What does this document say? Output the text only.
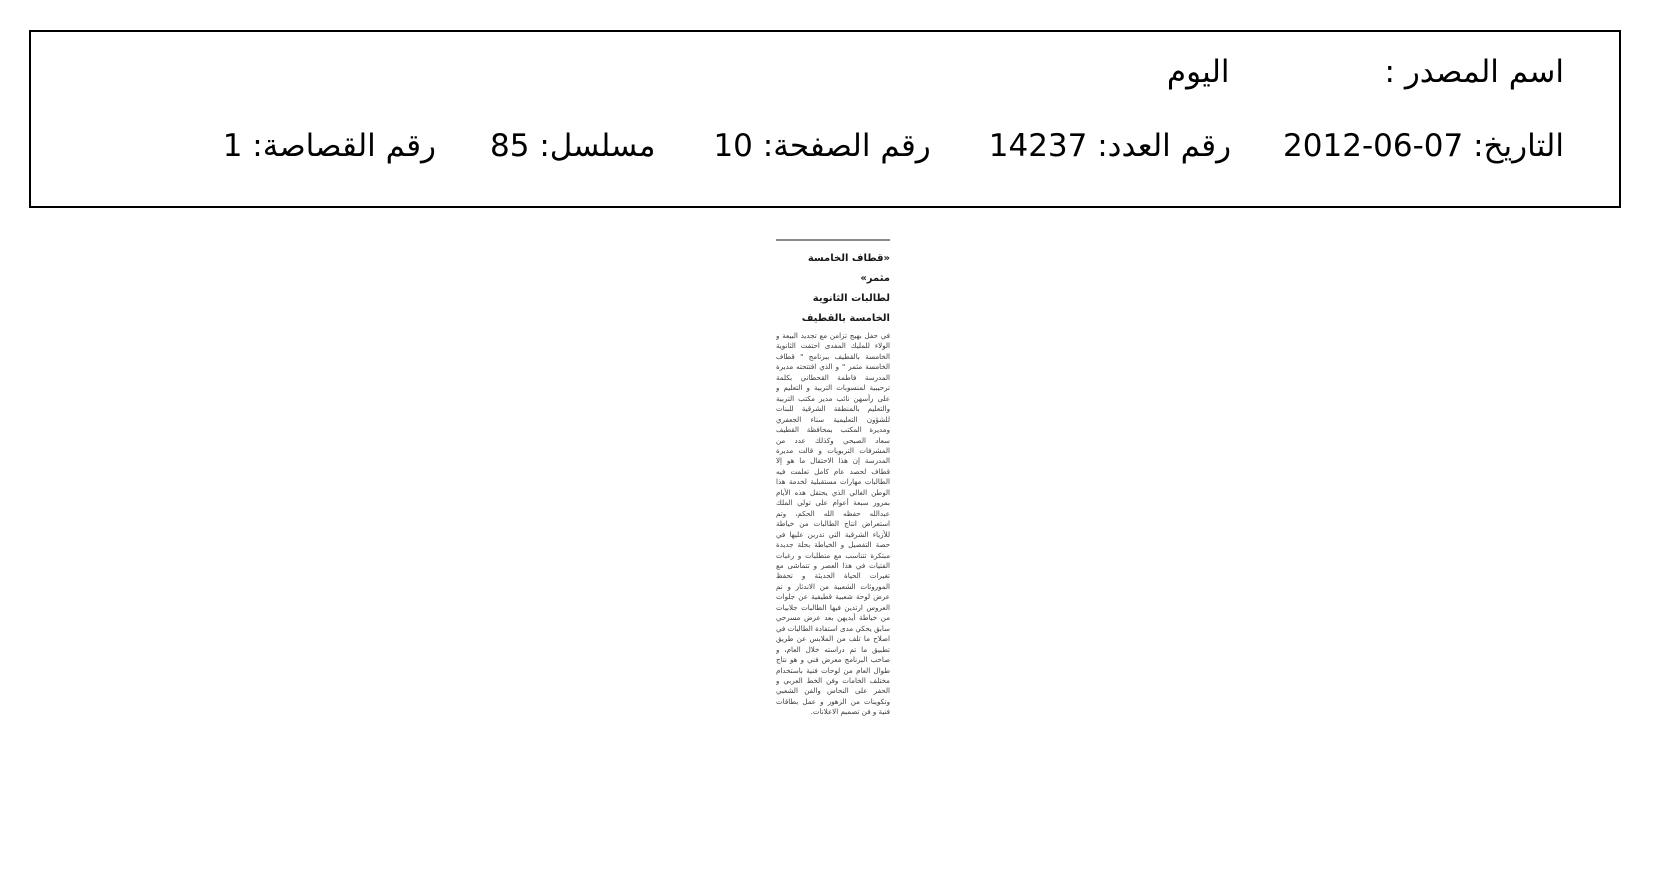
اسم المصدر :
اليوم
التاريخ:

2012-06-07
رقم العدد:

14237
رقم الصفحة:

10
مسلسل:

85
رقم القصاصة:

1
«قطاف الخامسة مثمر»
لطالبات الثانوية
الخامسة بالقطيف
في حفل بهيج تزامن مع تجديد البيعة و الولاء للمليك المفدى احتفت الثانوية الخامسة بالقطيف ببرنامج " قطاف الخامسة مثمر " و الذي افتتحته مديرة المدرسة فاطمة القحطاني بكلمة ترحيبية لمنسوبات التربية و التعليم و على رأسهن نائب مدير مكتب التربية والتعليم بالمنطقة الشرقية للبنات للشؤون التعليمية سناء الجعفري ومديرة المكتب بمحافظة القطيف سعاد الصبحي وكذلك عدد من المشرفات التربويات و قالت مديرة المدرسة إن هذا الاحتفال ما هو إلا قطاف لحصد عام كامل تعلمت فيه الطالبات مهارات مستقبلية لخدمة هذا الوطن الغالي الذي يحتفل هذه الأيام بمرور سبعة أعوام على تولي الملك عبدالله حفظه الله الحكم، وتم استعراض انتاج الطالبات من خياطة للأزياء الشرقية التي تدربن عليها في حصة التفصيل و الخياطة بحلة جديدة مبتكرة تتناسب مع متطلبات و رغبات الفتيات في هذا العصر و تتماشى مع تغيرات الحياة الحديثة و تحفظ الموروثات الشعبية من الاندثار و تم عرض لوحة شعبية قطيفية عن جلوات العروس ارتدين فيها الطالبات جلابيات من خياطة أيديهن بعد عرض مسرحي سابق يحكي مدى استفادة الطالبات في اصلاح ما تلف من الملابس عن طريق تطبيق ما تم دراسته خلال العام، و صاحب البرنامج معرض فني و هو نتاج طوال العام من لوحات فنية باستخدام مختلف الخامات وفن الخط العربي و الحفر على النحاس والفن الشعبي وتكوينات من الزهور و عمل بطاقات فنية و فن تصميم الاعلانات.
